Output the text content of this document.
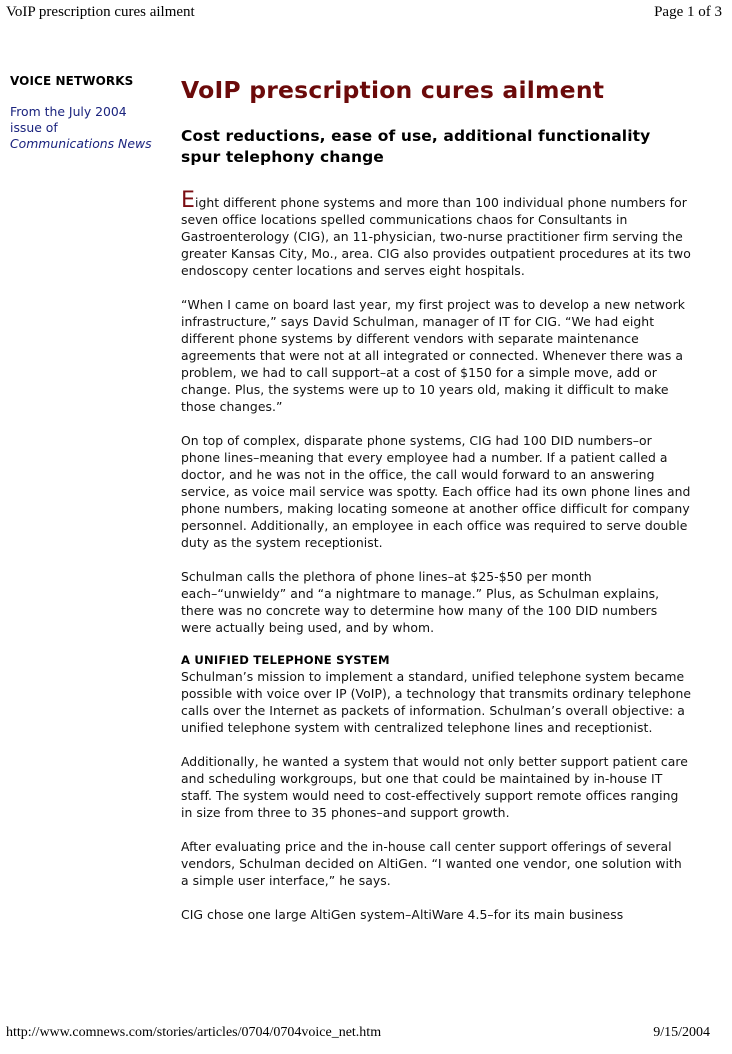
VoIP prescription cures ailment	Page 1 of 3
VOICE NETWORKS
From the July 2004 issue of
Communications News
VoIP prescription cures ailment
Cost reductions, ease of use, additional functionality spur telephony change

Eight different phone systems and more than 100 individual phone numbers for seven office locations spelled communications chaos for Consultants in Gastroenterology (CIG), an 11-physician, two-nurse practitioner firm serving the greater Kansas City, Mo., area. CIG also provides outpatient procedures at its two endoscopy center locations and serves eight hospitals.

“When I came on board last year, my first project was to develop a new network infrastructure,” says David Schulman, manager of IT for CIG. “We had eight different phone systems by different vendors with separate maintenance agreements that were not at all integrated or connected. Whenever there was a problem, we had to call support–at a cost of $150 for a simple move, add or change. Plus, the systems were up to 10 years old, making it difficult to make those changes.”

On top of complex, disparate phone systems, CIG had 100 DID numbers–or phone lines–meaning that every employee had a number. If a patient called a doctor, and he was not in the office, the call would forward to an answering service, as voice mail service was spotty. Each office had its own phone lines and phone numbers, making locating someone at another office difficult for company personnel. Additionally, an employee in each office was required to serve double duty as the system receptionist.

Schulman calls the plethora of phone lines–at $25-$50 per month each–“unwieldy” and “a nightmare to manage.” Plus, as Schulman explains, there was no concrete way to determine how many of the 100 DID numbers were actually being used, and by whom.

A UNIFIED TELEPHONE SYSTEM

Schulman’s mission to implement a standard, unified telephone system became possible with voice over IP (VoIP), a technology that transmits ordinary telephone calls over the Internet as packets of information. Schulman’s overall objective: a unified telephone system with centralized telephone lines and receptionist.

Additionally, he wanted a system that would not only better support patient care and scheduling workgroups, but one that could be maintained by in-house IT staff. The system would need to cost-effectively support remote offices ranging in size from three to 35 phones–and support growth.

After evaluating price and the in-house call center support offerings of several vendors, Schulman decided on AltiGen. “I wanted one vendor, one solution with a simple user interface,” he says.

CIG chose one large AltiGen system–AltiWare 4.5–for its main business

http://www.comnews.com/stories/articles/0704/0704voice_net.htm	9/15/2004
